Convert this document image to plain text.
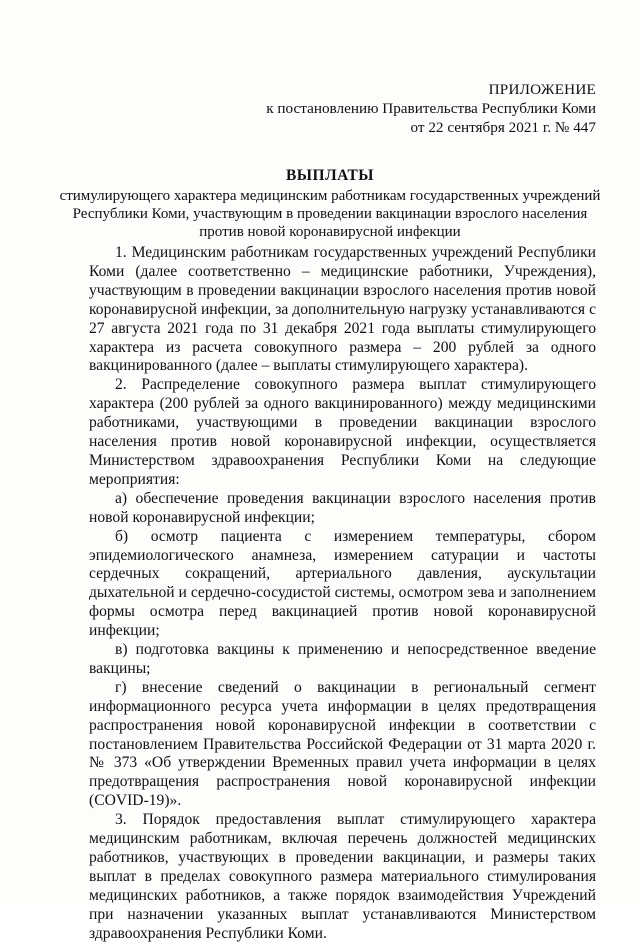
ПРИЛОЖЕНИЕ
к постановлению Правительства Республики Коми
от 22 сентября 2021 г. № 447
ВЫПЛАТЫ
стимулирующего характера медицинским работникам государственных учреждений
Республики Коми, участвующим в проведении вакцинации взрослого населения
против новой коронавирусной инфекции

1. Медицинским работникам государственных учреждений Республики Коми (далее соответственно – медицинские работники, Учреждения), участвующим в проведении вакцинации взрослого населения против новой коронавирусной инфекции, за дополнительную нагрузку устанавливаются с 27 августа 2021 года по 31 декабря 2021 года выплаты стимулирующего характера из расчета совокупного размера – 200 рублей за одного вакцинированного (далее – выплаты стимулирующего характера).

2. Распределение совокупного размера выплат стимулирующего характера (200 рублей за одного вакцинированного) между медицинскими работниками, участвующими в проведении вакцинации взрослого населения против новой коронавирусной инфекции, осуществляется Министерством здравоохранения Республики Коми на следующие мероприятия:

а) обеспечение проведения вакцинации взрослого населения против новой коронавирусной инфекции;

б) осмотр пациента с измерением температуры, сбором эпидемиологического анамнеза, измерением сатурации и частоты сердечных сокращений, артериального давления, аускультации дыхательной и сердечно-сосудистой системы, осмотром зева и заполнением формы осмотра перед вакцинацией против новой коронавирусной инфекции;

в) подготовка вакцины к применению и непосредственное введение вакцины;

г) внесение сведений о вакцинации в региональный сегмент информационного ресурса учета информации в целях предотвращения распространения новой коронавирусной инфекции в соответствии с постановлением Правительства Российской Федерации от 31 марта 2020 г. № 373 «Об утверждении Временных правил учета информации в целях предотвращения распространения новой коронавирусной инфекции (COVID-19)».

3. Порядок предоставления выплат стимулирующего характера медицинским работникам, включая перечень должностей медицинских работников, участвующих в проведении вакцинации, и размеры таких выплат в пределах совокупного размера материального стимулирования медицинских работников, а также порядок взаимодействия Учреждений при назначении указанных выплат устанавливаются Министерством здравоохранения Республики Коми.
